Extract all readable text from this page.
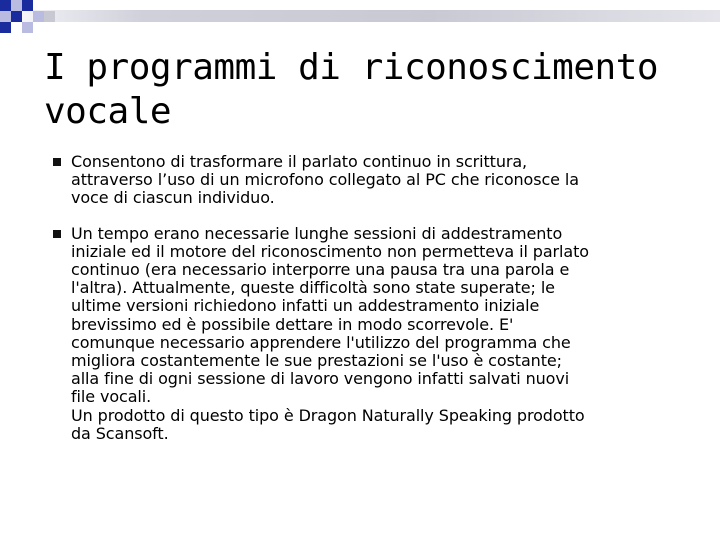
I programmi di riconoscimento
vocale
Consentono di trasformare il parlato continuo in scrittura,
attraverso l’uso di un microfono collegato al PC che riconosce la
voce di ciascun individuo.
Un tempo erano necessarie lunghe sessioni di addestramento
iniziale ed il motore del riconoscimento non permetteva il parlato
continuo (era necessario interporre una pausa tra una parola e
l'altra). Attualmente, queste difficoltà sono state superate; le
ultime versioni richiedono infatti un addestramento iniziale
brevissimo ed è possibile dettare in modo scorrevole. E'
comunque necessario apprendere l'utilizzo del programma che
migliora costantemente le sue prestazioni se l'uso è costante;
alla fine di ogni sessione di lavoro vengono infatti salvati nuovi
file vocali.
Un prodotto di questo tipo è Dragon Naturally Speaking prodotto
da Scansoft.
